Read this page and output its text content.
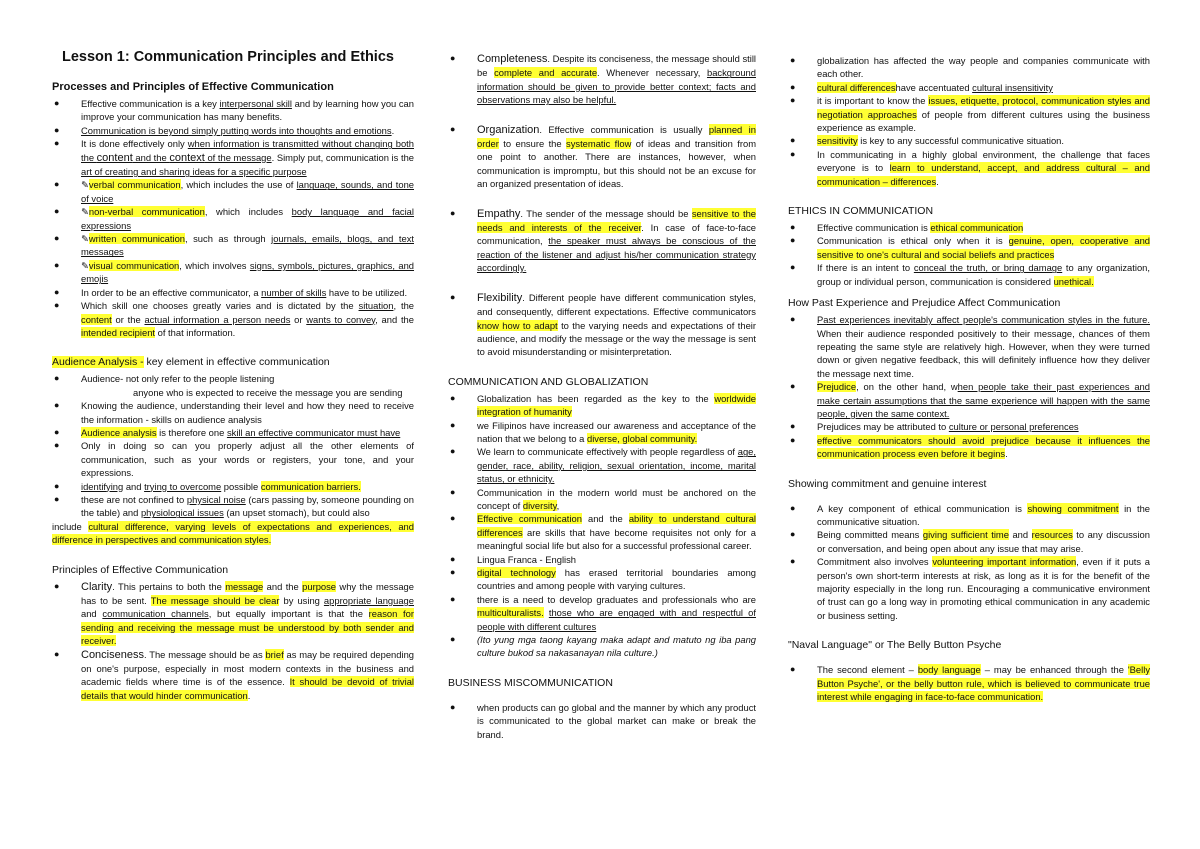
Lesson 1: Communication Principles and Ethics
Processes and Principles of Effective Communication
● Effective communication is a key interpersonal skill and by learning how you can improve your communication has many benefits.
● Communication is beyond simply putting words into thoughts and emotions.
● It is done effectively only when information is transmitted without changing both the content and the context of the message. Simply put, communication is the art of creating and sharing ideas for a specific purpose
● ✎verbal communication, which includes the use of language, sounds, and tone of voice
● ✎non-verbal communication, which includes body language and facial expressions
● ✎written communication, such as through journals, emails, blogs, and text messages
● ✎visual communication, which involves signs, symbols, pictures, graphics, and emojis
● In order to be an effective communicator, a number of skills have to be utilized.
● Which skill one chooses greatly varies and is dictated by the situation, the content or the actual information a person needs or wants to convey, and the intended recipient of that information.
Audience Analysis - key element in effective communication
● Audience- not only refer to the people listening
anyone who is expected to receive the message you are sending
● Knowing the audience, understanding their level and how they need to receive the information - skills on audience analysis
● Audience analysis is therefore one skill an effective communicator must have
● Only in doing so can you properly adjust all the other elements of communication, such as your words or registers, your tone, and your expressions.
● identifying and trying to overcome possible communication barriers.
● these are not confined to physical noise (cars passing by, someone pounding on the table) and physiological issues (an upset stomach), but could also
include cultural difference, varying levels of expectations and experiences, and difference in perspectives and communication styles.
Principles of Effective Communication
● Clarity. This pertains to both the message and the purpose why the message has to be sent. The message should be clear by using appropriate language and communication channels, but equally important is that the reason for sending and receiving the message must be understood by both sender and receiver.
● Conciseness. The message should be as brief as may be required depending on one's purpose, especially in most modern contexts in the business and academic fields where time is of the essence. It should be devoid of trivial details that would hinder communication.
● Completeness. Despite its conciseness, the message should still be complete and accurate. Whenever necessary, background information should be given to provide better context; facts and observations may also be helpful.
● Organization. Effective communication is usually planned in order to ensure the systematic flow of ideas and transition from one point to another. There are instances, however, when communication is impromptu, but this should not be an excuse for an organized presentation of ideas.
● Empathy. The sender of the message should be sensitive to the needs and interests of the receiver. In case of face-to-face communication, the speaker must always be conscious of the reaction of the listener and adjust his/her communication strategy accordingly.
● Flexibility. Different people have different communication styles, and consequently, different expectations. Effective communicators know how to adapt to the varying needs and expectations of their audience, and modify the message or the way the message is sent to avoid misunderstanding or misinterpretation.
COMMUNICATION AND GLOBALIZATION
● Globalization has been regarded as the key to the worldwide integration of humanity
● we Filipinos have increased our awareness and acceptance of the nation that we belong to a diverse, global community.
● We learn to communicate effectively with people regardless of age, gender, race, ability, religion, sexual orientation, income, marital status, or ethnicity.
● Communication in the modern world must be anchored on the concept of diversity,
● Effective communication and the ability to understand cultural differences are skills that have become requisites not only for a meaningful social life but also for a successful professional career.
● Lingua Franca - English
● digital technology has erased territorial boundaries among countries and among people with varying cultures.
● there is a need to develop graduates and professionals who are multiculturalists. those who are engaged with and respectful of people with different cultures
● (Ito yung mga taong kayang maka adapt and matuto ng iba pang culture bukod sa nakasanayan nila culture.)
BUSINESS MISCOMMUNICATION
● when products can go global and the manner by which any product is communicated to the global market can make or break the brand.
● globalization has affected the way people and companies communicate with each other.
● cultural differenceshave accentuated cultural insensitivity
● it is important to know the issues, etiquette, protocol, communication styles and negotiation approaches of people from different cultures using the business experience as example.
● sensitivity is key to any successful communicative situation.
● In communicating in a highly global environment, the challenge that faces everyone is to learn to understand, accept, and address cultural – and communication – differences.
ETHICS IN COMMUNICATION
● Effective communication is ethical communication
● Communication is ethical only when it is genuine, open, cooperative and sensitive to one's cultural and social beliefs and practices
● If there is an intent to conceal the truth, or bring damage to any organization, group or individual person, communication is considered unethical.
How Past Experience and Prejudice Affect Communication
● Past experiences inevitably affect people's communication styles in the future. When their audience responded positively to their message, chances of them repeating the same style are relatively high. However, when they were turned down or given negative feedback, this will definitely influence how they deliver the message next time.
● Prejudice, on the other hand, when people take their past experiences and make certain assumptions that the same experience will happen with the same people, given the same context.
● Prejudices may be attributed to culture or personal preferences
● effective communicators should avoid prejudice because it influences the communication process even before it begins.
Showing commitment and genuine interest
● A key component of ethical communication is showing commitment in the communicative situation.
● Being committed means giving sufficient time and resources to any discussion or conversation, and being open about any issue that may arise.
● Commitment also involves volunteering important information, even if it puts a person's own short-term interests at risk, as long as it is for the benefit of the majority especially in the long run. Encouraging a communicative environment of trust can go a long way in promoting ethical communication in any academic or business setting.
"Naval Language" or The Belly Button Psyche
● The second element – body language – may be enhanced through the 'Belly Button Psyche', or the belly button rule, which is believed to communicate true interest while engaging in face-to-face communication.
